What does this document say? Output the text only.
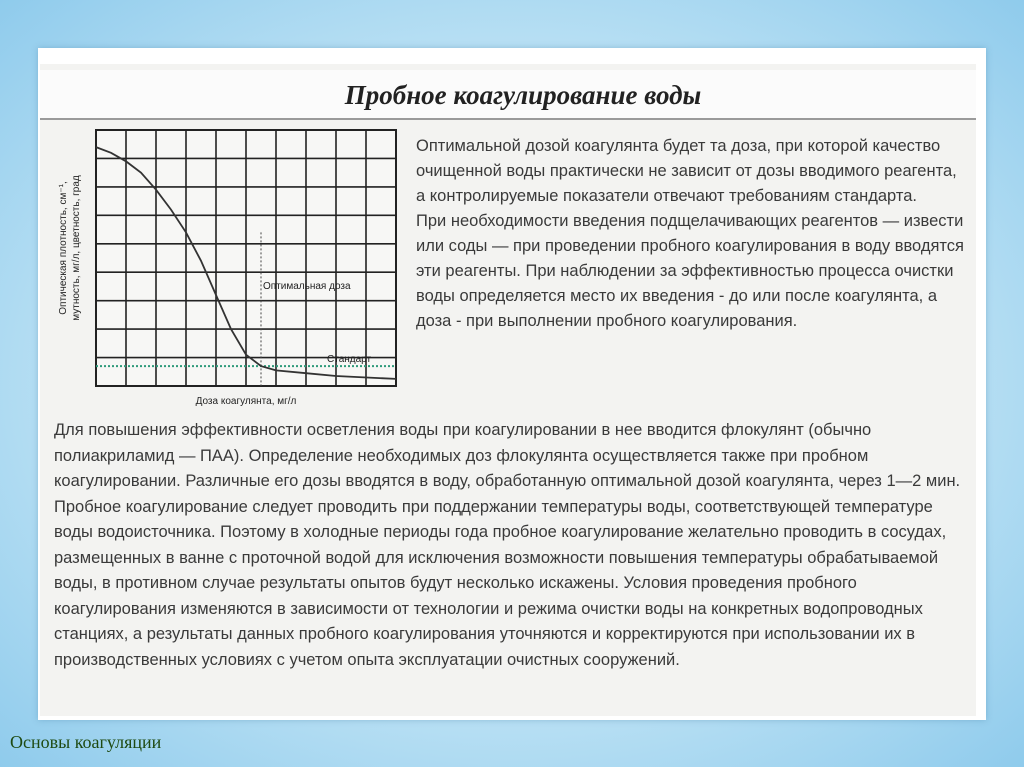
Пробное коагулирование воды
Оптимальная доза
Стандарт
Доза коагулянта, мг/л
Оптическая плотность, см⁻¹, мутность, мг/л, цветность, град

Оптимальной дозой коагулянта будет та доза, при которой качество очищенной воды практически не зависит от дозы вводимого реагента, а контролируемые показатели отвечают требованиям стандарта.

При необходимости введения подщелачивающих реагентов — извести или соды — при проведении пробного коагулирования в воду вводятся эти реагенты. При наблюдении за эффективностью процесса очистки воды определяется место их введения - до или после коагулянта, а доза - при выполнении пробного коагулирования.

Для повышения эффективности осветления воды при коагулировании в нее вводится флокулянт (обычно полиакриламид — ПАА). Определение необходимых доз флокулянта осуществляется также при пробном коагулировании. Различные его дозы вводятся в воду, обработанную оптимальной дозой коагулянта, через 1—2 мин.

Пробное коагулирование следует проводить при поддержании температуры воды, соответствующей температуре воды водоисточника. Поэтому в холодные периоды года пробное коагулирование желательно проводить в сосудах, размещенных в ванне с проточной водой для исключения возможности повышения температуры обрабатываемой воды, в противном случае результаты опытов будут несколько искажены. Условия проведения пробного коагулирования изменяются в зависимости от технологии и режима очистки воды на конкретных водопроводных станциях, а результаты данных пробного коагулирования уточняются и корректируются при использовании их в производственных условиях с учетом опыта эксплуатации очистных сооружений.

Основы коагуляции
